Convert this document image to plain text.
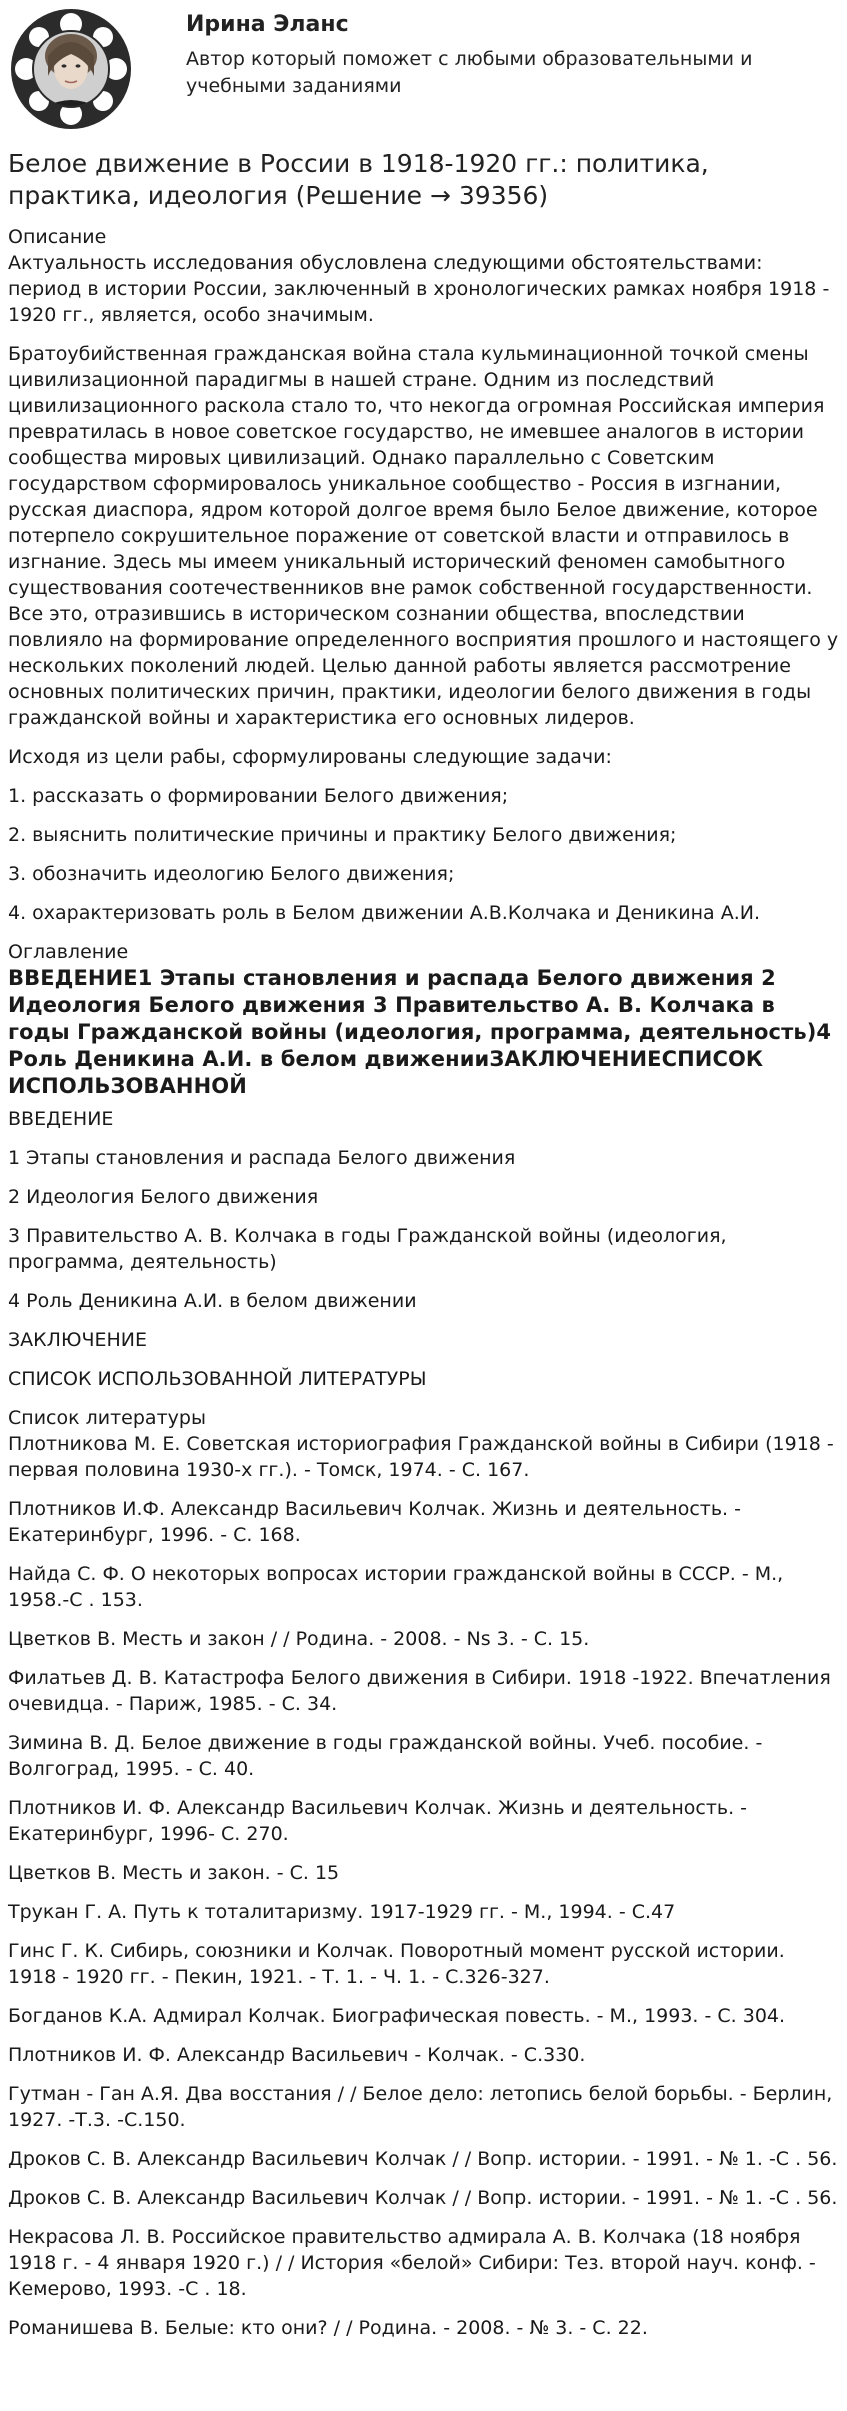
Ирина Эланс
Автор который поможет с любыми образовательными и учебными заданиями
Белое движение в России в 1918-1920 гг.: политика, практика, идеология (Решение → 39356)
Описание

Актуальность исследования обусловлена следующими обстоятельствами: период в истории России, заключенный в хронологических рамках ноября 1918 - 1920 гг., является, особо значимым.

Братоубийственная гражданская война стала кульминационной точкой смены цивилизационной парадигмы в нашей стране. Одним из последствий цивилизационного раскола стало то, что некогда огромная Российская империя превратилась в новое советское государство, не имевшее аналогов в истории сообщества мировых цивилизаций. Однако параллельно с Советским государством сформировалось уникальное сообщество - Россия в изгнании, русская диаспора, ядром которой долгое время было Белое движение, которое потерпело сокрушительное поражение от советской власти и отправилось в изгнание. Здесь мы имеем уникальный исторический феномен самобытного существования соотечественников вне рамок собственной государственности. Все это, отразившись в историческом сознании общества, впоследствии повлияло на формирование определенного восприятия прошлого и настоящего у нескольких поколений людей. Целью данной работы является рассмотрение основных политических причин, практики, идеологии белого движения в годы гражданской войны и характеристика его основных лидеров.

Исходя из цели рабы, сформулированы следующие задачи:

1. рассказать о формировании Белого движения;

2. выяснить политические причины и практику Белого движения;

3. обозначить идеологию Белого движения;

4. охарактеризовать роль в Белом движении А.В.Колчака и Деникина А.И.

Оглавление
ВВЕДЕНИЕ1 Этапы становления и распада Белого движения 2 Идеология Белого движения 3 Правительство А. В. Колчака в годы Гражданской войны (идеология, программа, деятельность)4 Роль Деникина А.И. в белом движенииЗАКЛЮЧЕНИЕСПИСОК ИСПОЛЬЗОВАННОЙ

ВВЕДЕНИЕ

1 Этапы становления и распада Белого движения

2 Идеология Белого движения

3 Правительство А. В. Колчака в годы Гражданской войны (идеология, программа, деятельность)

4 Роль Деникина А.И. в белом движении

ЗАКЛЮЧЕНИЕ

СПИСОК ИСПОЛЬЗОВАННОЙ ЛИТЕРАТУРЫ

Список литературы

Плотникова М. Е. Советская историография Гражданской войны в Сибири (1918 - первая половина 1930-х гг.). - Томск, 1974. - С. 167.

Плотников И.Ф. Александр Васильевич Колчак. Жизнь и деятельность. - Екатеринбург, 1996. - С. 168.

Найда С. Ф. О некоторых вопросах истории гражданской войны в СССР. - М., 1958.-С . 153.

Цветков В. Месть и закон / / Родина. - 2008. - Ns 3. - С. 15.

Филатьев Д. В. Катастрофа Белого движения в Сибири. 1918 -1922. Впечатления очевидца. - Париж, 1985. - С. 34.

Зимина В. Д. Белое движение в годы гражданской войны. Учеб. пособие. - Волгоград, 1995. - С. 40.

Плотников И. Ф. Александр Васильевич Колчак. Жизнь и деятельность. - Екатеринбург, 1996- С. 270.

Цветков В. Месть и закон. - С. 15

Трукан Г. А. Путь к тоталитаризму. 1917-1929 гг. - М., 1994. - С.47

Гинс Г. К. Сибирь, союзники и Колчак. Поворотный момент русской истории. 1918 - 1920 гг. - Пекин, 1921. - Т. 1. - Ч. 1. - С.326-327.

Богданов К.А. Адмирал Колчак. Биографическая повесть. - М., 1993. - С. 304.

Плотников И. Ф. Александр Васильевич - Колчак. - С.330.

Гутман - Ган А.Я. Два восстания / / Белое дело: летопись белой борьбы. - Берлин, 1927. -Т.3. -С.150.

Дроков С. В. Александр Васильевич Колчак / / Вопр. истории. - 1991. - № 1. -С . 56.

Дроков С. В. Александр Васильевич Колчак / / Вопр. истории. - 1991. - № 1. -С . 56.

Некрасова Л. В. Российское правительство адмирала А. В. Колчака (18 ноября 1918 г. - 4 января 1920 г.) / / История «белой» Сибири: Тез. второй науч. конф. - Кемерово, 1993. -С . 18.

Романишева В. Белые: кто они? / / Родина. - 2008. - № 3. - С. 22.
